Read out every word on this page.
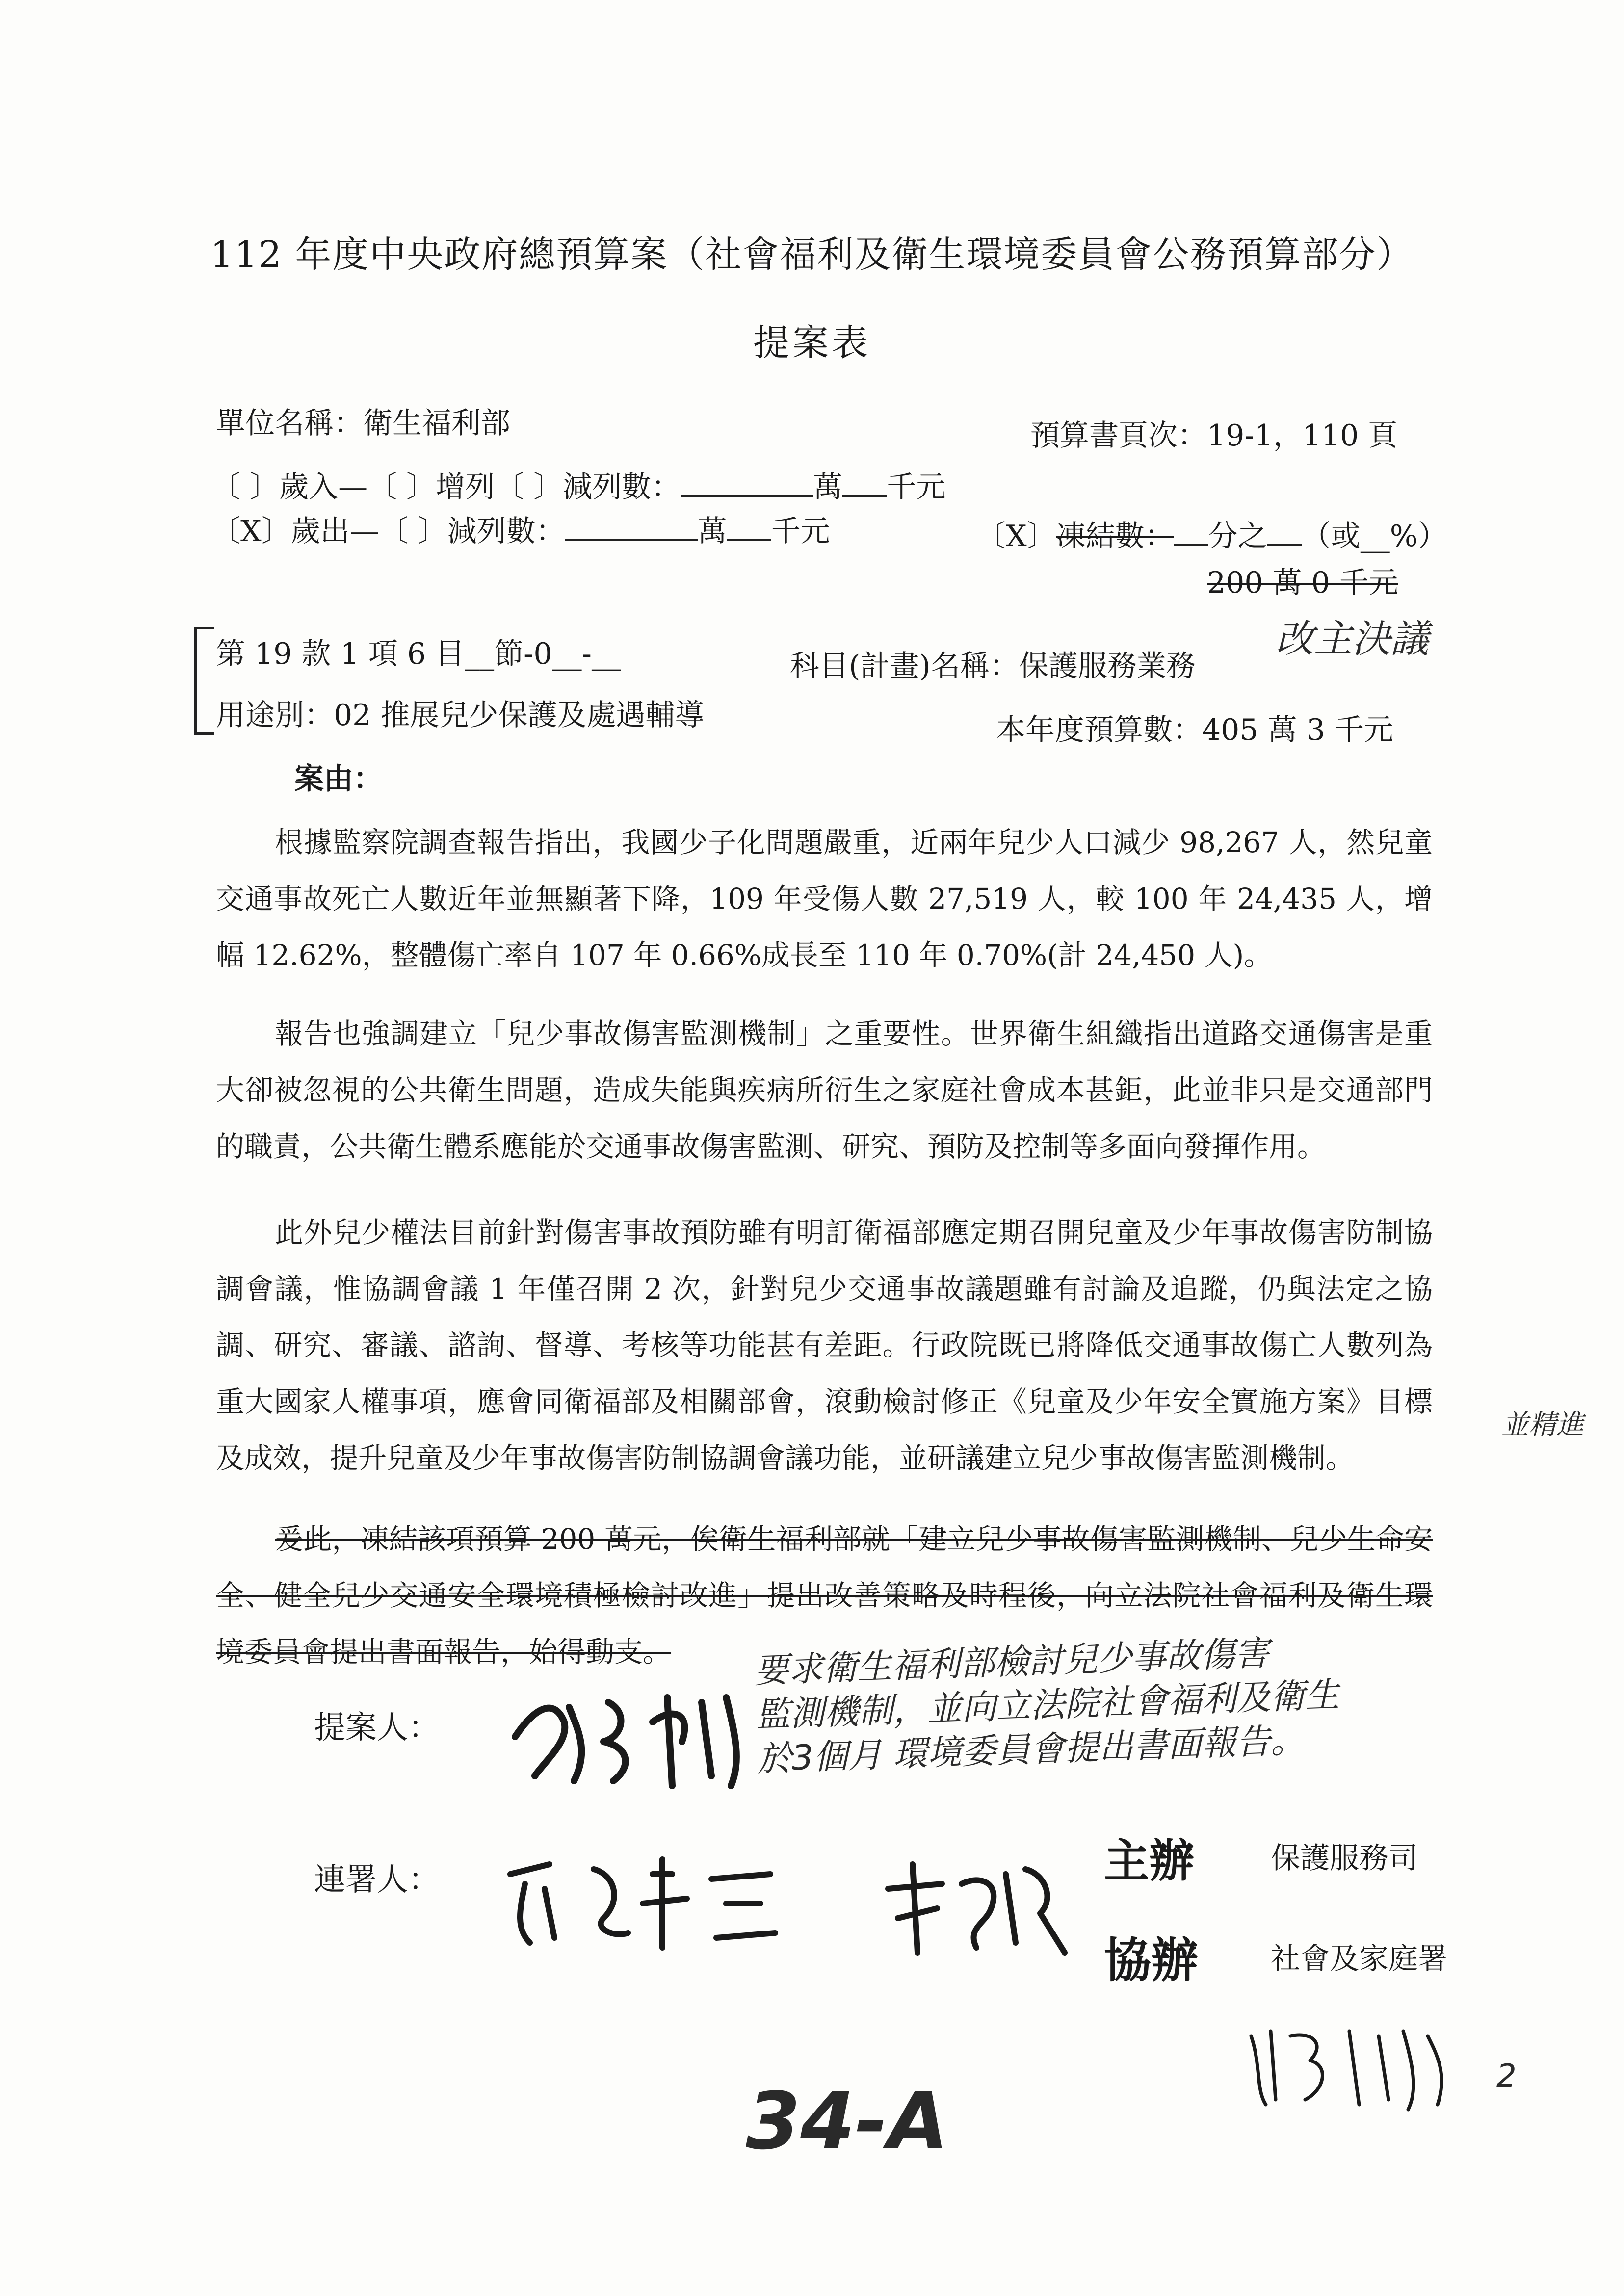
112 年度中央政府總預算案（社會福利及衛生環境委員會公務預算部分）
提案表
單位名稱：衛生福利部	預算書頁次：19-1，110 頁
〔 〕歲入—〔 〕增列〔 〕減列數：	萬 千元
〔X〕歲出—〔 〕減列數：	萬 千元	〔X〕凍結數： 分之 （或__%）
200 萬 0 千元
改主決議
第 19 款 1 項 6 目__節-0__-__	科目(計畫)名稱：保護服務業務
用途別：02 推展兒少保護及處遇輔導	本年度預算數：405 萬 3 千元
案由：
根據監察院調查報告指出，我國少子化問題嚴重，近兩年兒少人口減少 98,267 人，然兒童交通事故死亡人數近年並無顯著下降，109 年受傷人數 27,519 人，較 100 年 24,435 人，增幅 12.62%，整體傷亡率自 107 年 0.66%成長至 110 年 0.70%(計 24,450 人)。
報告也強調建立「兒少事故傷害監測機制」之重要性。世界衛生組織指出道路交通傷害是重大卻被忽視的公共衛生問題，造成失能與疾病所衍生之家庭社會成本甚鉅，此並非只是交通部門的職責，公共衛生體系應能於交通事故傷害監測、研究、預防及控制等多面向發揮作用。
此外兒少權法目前針對傷害事故預防雖有明訂衛福部應定期召開兒童及少年事故傷害防制協調會議，惟協調會議 1 年僅召開 2 次，針對兒少交通事故議題雖有討論及追蹤，仍與法定之協調、研究、審議、諮詢、督導、考核等功能甚有差距。行政院既已將降低交通事故傷亡人數列為重大國家人權事項，應會同衛福部及相關部會，滾動檢討修正《兒童及少年安全實施方案》目標及成效，提升兒童及少年事故傷害防制協調會議功能，並研議建立兒少事故傷害監測機制。
並精進
爰此，凍結該項預算 200 萬元，俟衛生福利部就「建立兒少事故傷害監測機制、兒少生命安全、健全兒少交通安全環境積極檢討改進」提出改善策略及時程後，向立法院社會福利及衛生環境委員會提出書面報告，始得動支。	要求衛生福利部檢討兒少事故傷害
監測機制，並向立法院社會福利及衛生
於3個月 環境委員會提出書面報告。
提案人：
連署人：	主辦	保護服務司
協辦 社會及家庭署
2
34-A
